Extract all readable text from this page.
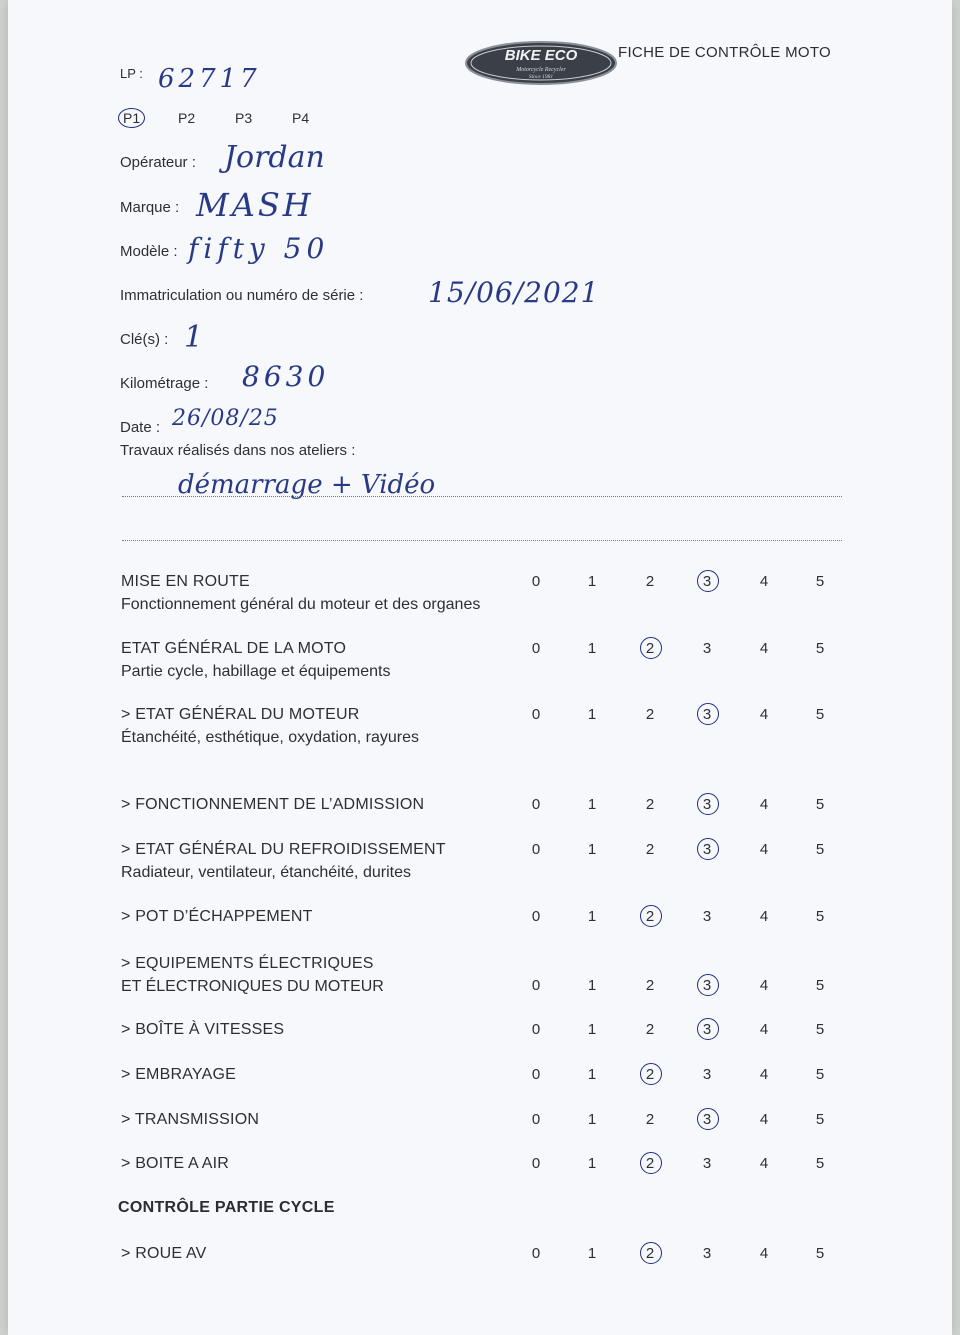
BIKE ECO
Motorcycle Recycler
Since 1981
FICHE DE CONTRÔLE MOTO
LP : 62717
P1	P2	P3	P4
Opérateur : Jordan
Marque : MASH
Modèle : fifty 50
Immatriculation ou numéro de série : 15/06/2021
Clé(s) : 1
Kilométrage : 8630
Date : 26/08/25
Travaux réalisés dans nos ateliers :
démarrage + Vidéo
MISE EN ROUTE
Fonctionnement général du moteur et des organes
0	1	2	3	4	5
ETAT GÉNÉRAL DE LA MOTO
Partie cycle, habillage et équipements
0	1	2	3	4	5
> ETAT GÉNÉRAL DU MOTEUR
Étanchéité, esthétique, oxydation, rayures
0	1	2	3	4	5
> FONCTIONNEMENT DE L’ADMISSION	0	1	2	3	4	5
> ETAT GÉNÉRAL DU REFROIDISSEMENT
Radiateur, ventilateur, étanchéité, durites
0	1	2	3	4	5
> POT D’ÉCHAPPEMENT	0	1	2	3	4	5
> EQUIPEMENTS ÉLECTRIQUES
ET ÉLECTRONIQUES DU MOTEUR	0	1	2	3	4	5
> BOÎTE À VITESSES	0	1	2	3	4	5
> EMBRAYAGE	0	1	2	3	4	5
> TRANSMISSION	0	1	2	3	4	5
> BOITE A AIR	0	1	2	3	4	5
CONTRÔLE PARTIE CYCLE
> ROUE AV	0	1	2	3	4	5
